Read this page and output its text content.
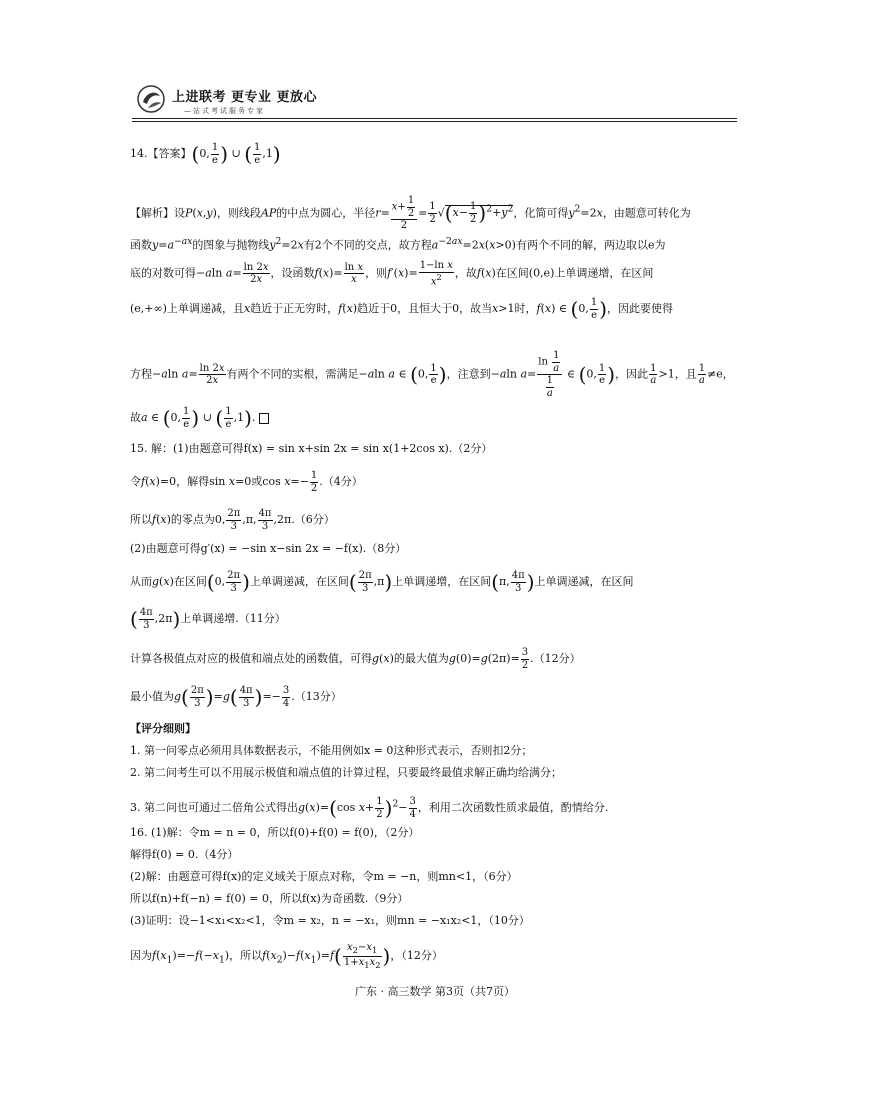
上进联考 更专业 更放心
—站式考试服务专家
14.【答案】(0, $\frac{1}{e}$ ) ∪ ( $\frac{1}{e} ,1$)
【解析】设P(x,y)，则线段AP的中点为圆心，半径$r= \frac{x+ \frac{1}{2}}{2} = \frac{1}{2} √(x- \frac{1}{2} )^2+y^2$，化简可得$y^2=2x$，由题意可转化为
函数$y=a^{-ax}$的图象与抛物线$y^2=2x$有2个不同的交点，故方程$a^{-2ax}=2x(x>0)$有两个不同的解，两边取以e为
底的对数可得−aln $a= \frac{\ln 2x}{2x}$ ，设函数$f(x)= \frac{\text{ln x}}{x}$ ，则$f'(x)= \frac{\text{1−ln x}}{x^2}$ ，故f(x)在区间(0,e)上单调递增，在区间
(e,+∞)上单调递减，且x趋近于正无穷时，f(x)趋近于0，且恒大于0，故当x>1时，f(x) ∈ (0, $\frac{1}{e}$ )，因此要使得
方程−aln $a= \frac{\ln 2x}{2x}$ 有两个不同的实根，需满足−aln a ∈ (0, $\frac{1}{e}$ )，注意到−aln $a= \frac{\ln \frac{1}{a}}{\frac{1}{a}}$ ∈ (0, $\frac{1}{e}$ )，因此 $\frac{1}{a} >1$，且 $\frac{1}{a} \ne e$，
故a ∈ (0, $\frac{1}{e}$ ) ∪ ( $\frac{1}{e} ,1$).
15. 解：(1)由题意可得f(x) = sin x+sin 2x = sin x(1+2cos x).（2分）
令f(x)=0，解得sin x=0或$\cos x=- \frac{1}{2} .(4$分）
所以f(x)的零点为0, $\frac{2\pi}{3} ,\pi$, $\frac{4\pi}{3} ,2\pi.(6$分）
(2)由题意可得g′(x) = −sin x−sin 2x = −f(x).（8分）
从而g(x)在区间(0, $\frac{2\pi}{3}$ )上单调递减，在区间( $\frac{2\pi}{3} ,\pi$)上单调递增，在区间(π, $\frac{4\pi}{3}$ )上单调递减，在区间
( $\frac{4\pi}{3} ,2\pi$)上单调递增.（11分）
计算各极值点对应的极值和端点处的函数值，可得g(x)的最大值为$g(0)=g(2\pi)= \frac{3}{2} .(12$分）
最小值为$g( \frac{2\pi}{3} )=g( \frac{4\pi}{3}$ )=− $\frac{3}{4} .(13$分）
【评分细则】
1. 第一问零点必须用具体数据表示，不能用例如x = 0这种形式表示，否则扣2分；
2. 第二问考生可以不用展示极值和端点值的计算过程，只要最终最值求解正确均给满分；
3. 第二问也可通过二倍角公式得出g(x)=(cos $x+ \frac{1}{2} )^2- \frac{3}{4}$ ，利用二次函数性质求最值，酌情给分.
16. (1)解：令m = n = 0，所以f(0)+f(0) = f(0)，（2分）
解得f(0) = 0.（4分）
(2)解：由题意可得f(x)的定义域关于原点对称，令m = −n，则mn<1，（6分）
所以f(n)+f(−n) = f(0) = 0，所以f(x)为奇函数.（9分）
(3)证明：设−1<x₁<x₂<1，令m = x₂，n = −x₁，则mn = −x₁x₂<1，（10分）
因为$f(x_1)=-f(-x_1)$，所以$f(x_2)-f(x_1)=f( \frac{x_2-x_1}{1+x_1x_2}$ )，（12分）
广东 · 高三数学 第3页（共7页）
